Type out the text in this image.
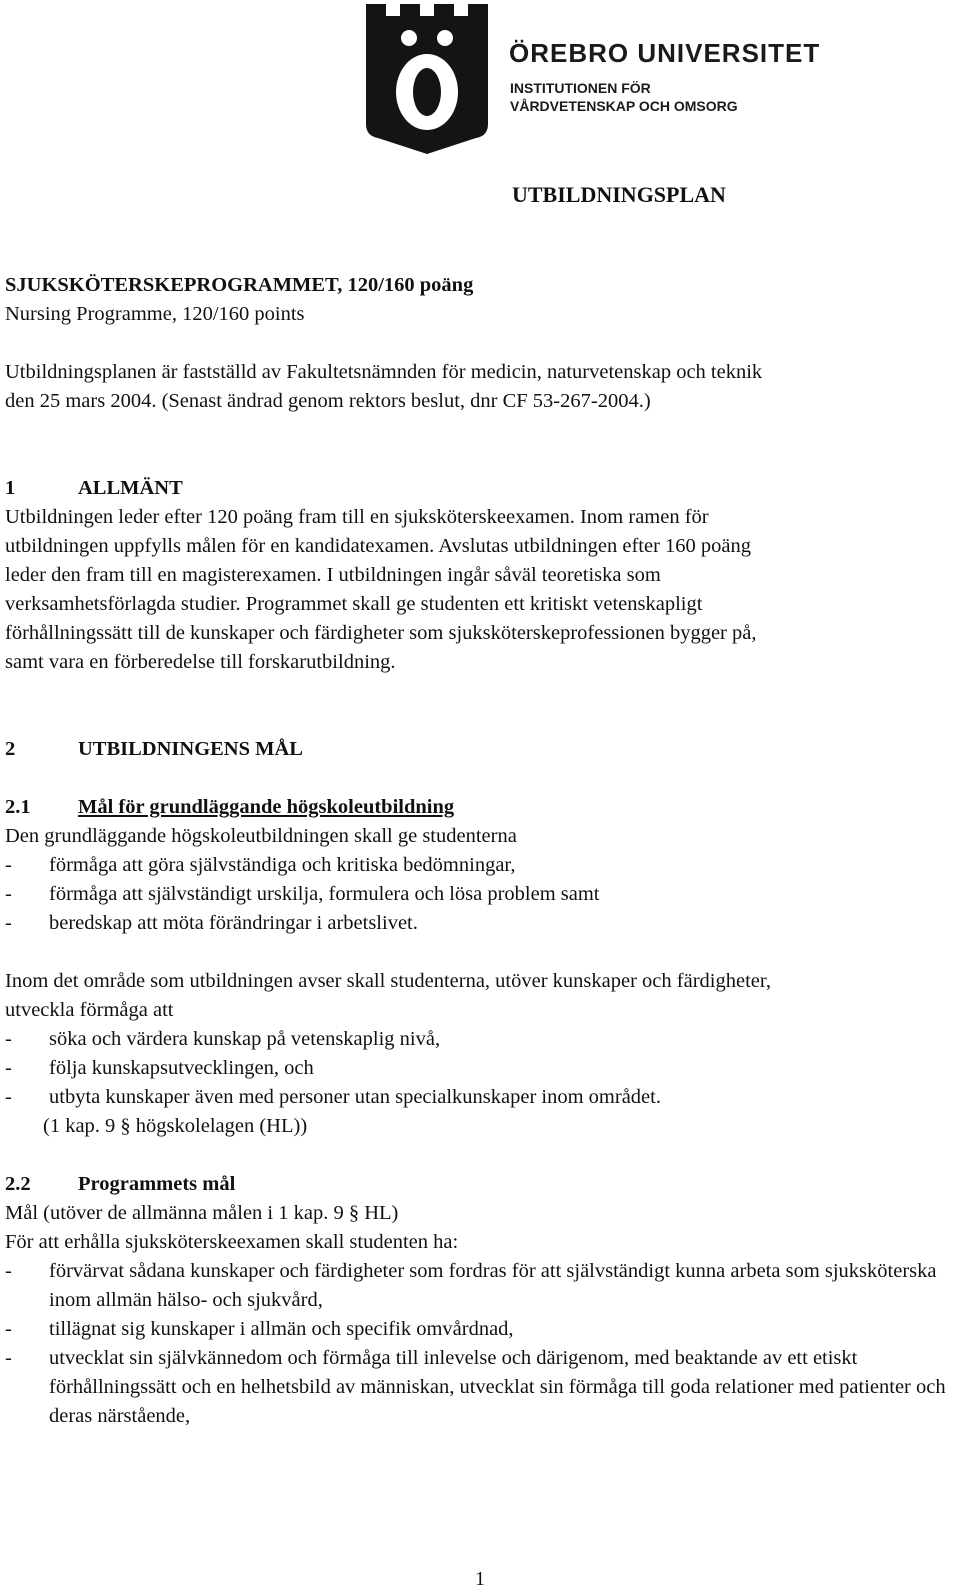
ÖREBRO UNIVERSITET
INSTITUTIONEN FÖR
VÅRDVETENSKAP OCH OMSORG
UTBILDNINGSPLAN

SJUKSKÖTERSKEPROGRAMMET, 120/160 poäng

Nursing Programme, 120/160 points

Utbildningsplanen är fastställd av Fakultetsnämnden för medicin, naturvetenskap och teknik

den 25 mars 2004. (Senast ändrad genom rektors beslut, dnr CF 53-267-2004.)

1	ALLMÄNT

Utbildningen leder efter 120 poäng fram till en sjuksköterskeexamen. Inom ramen för

utbildningen uppfylls målen för en kandidatexamen. Avslutas utbildningen efter 160 poäng

leder den fram till en magisterexamen. I utbildningen ingår såväl teoretiska som

verksamhetsförlagda studier. Programmet skall ge studenten ett kritiskt vetenskapligt

förhållningssätt till de kunskaper och färdigheter som sjuksköterskeprofessionen bygger på,

samt vara en förberedelse till forskarutbildning.

2	UTBILDNINGENS MÅL
2.1	Mål för grundläggande högskoleutbildning

Den grundläggande högskoleutbildningen skall ge studenterna

-	förmåga att göra självständiga och kritiska bedömningar,
-	förmåga att självständigt urskilja, formulera och lösa problem samt
-	beredskap att möta förändringar i arbetslivet.

Inom det område som utbildningen avser skall studenterna, utöver kunskaper och färdigheter,

utveckla förmåga att

-	söka och värdera kunskap på vetenskaplig nivå,
-	följa kunskapsutvecklingen, och
-	utbyta kunskaper även med personer utan specialkunskaper inom området.

(1 kap. 9 § högskolelagen (HL))

2.2	Programmets mål

Mål (utöver de allmänna målen i 1 kap. 9 § HL)

För att erhålla sjuksköterskeexamen skall studenten ha:

-	förvärvat sådana kunskaper och färdigheter som fordras för att självständigt kunna arbeta som sjuksköterska inom allmän hälso- och sjukvård,
-	tillägnat sig kunskaper i allmän och specifik omvårdnad,
-	utvecklat sin självkännedom och förmåga till inlevelse och därigenom, med beaktande av ett etiskt förhållningssätt och en helhetsbild av människan, utvecklat sin förmåga till goda relationer med patienter och deras närstående,
1
